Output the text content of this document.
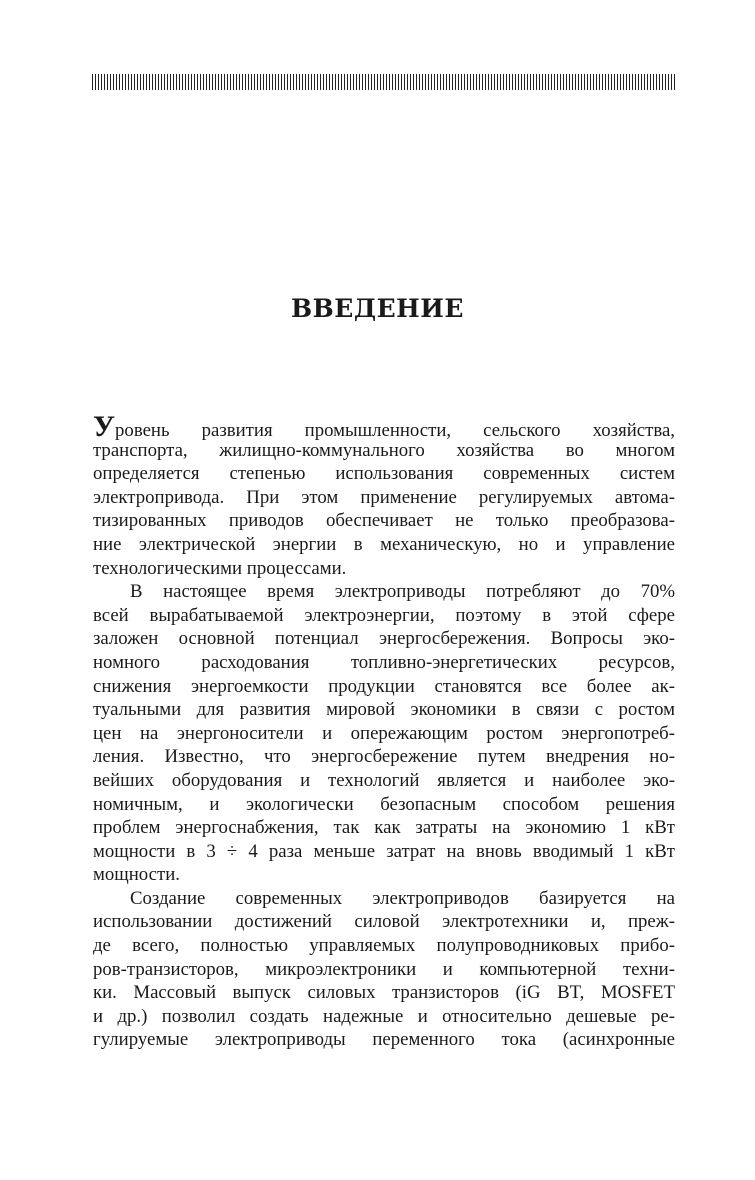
ВВЕДЕНИЕ
Уровень развития промышленности, сельского хозяйства,
транспорта, жилищно-коммунального хозяйства во многом
определяется степенью использования современных систем
электропривода. При этом применение регулируемых автома-
тизированных приводов обеспечивает не только преобразова-
ние электрической энергии в механическую, но и управление
технологическими процессами.
В настоящее время электроприводы потребляют до 70%
всей вырабатываемой электроэнергии, поэтому в этой сфере
заложен основной потенциал энергосбережения. Вопросы эко-
номного расходования топливно-энергетических ресурсов,
снижения энергоемкости продукции становятся все более ак-
туальными для развития мировой экономики в связи с ростом
цен на энергоносители и опережающим ростом энергопотреб-
ления. Известно, что энергосбережение путем внедрения но-
вейших оборудования и технологий является и наиболее эко-
номичным, и экологически безопасным способом решения
проблем энергоснабжения, так как затраты на экономию 1 кВт
мощности в 3 ÷ 4 раза меньше затрат на вновь вводимый 1 кВт
мощности.
Создание современных электроприводов базируется на
использовании достижений силовой электротехники и, преж-
де всего, полностью управляемых полупроводниковых прибо-
ров-транзисторов, микроэлектроники и компьютерной техни-
ки. Массовый выпуск силовых транзисторов (iG BT, MOSFET
и др.) позволил создать надежные и относительно дешевые ре-
гулируемые электроприводы переменного тока (асинхронные
